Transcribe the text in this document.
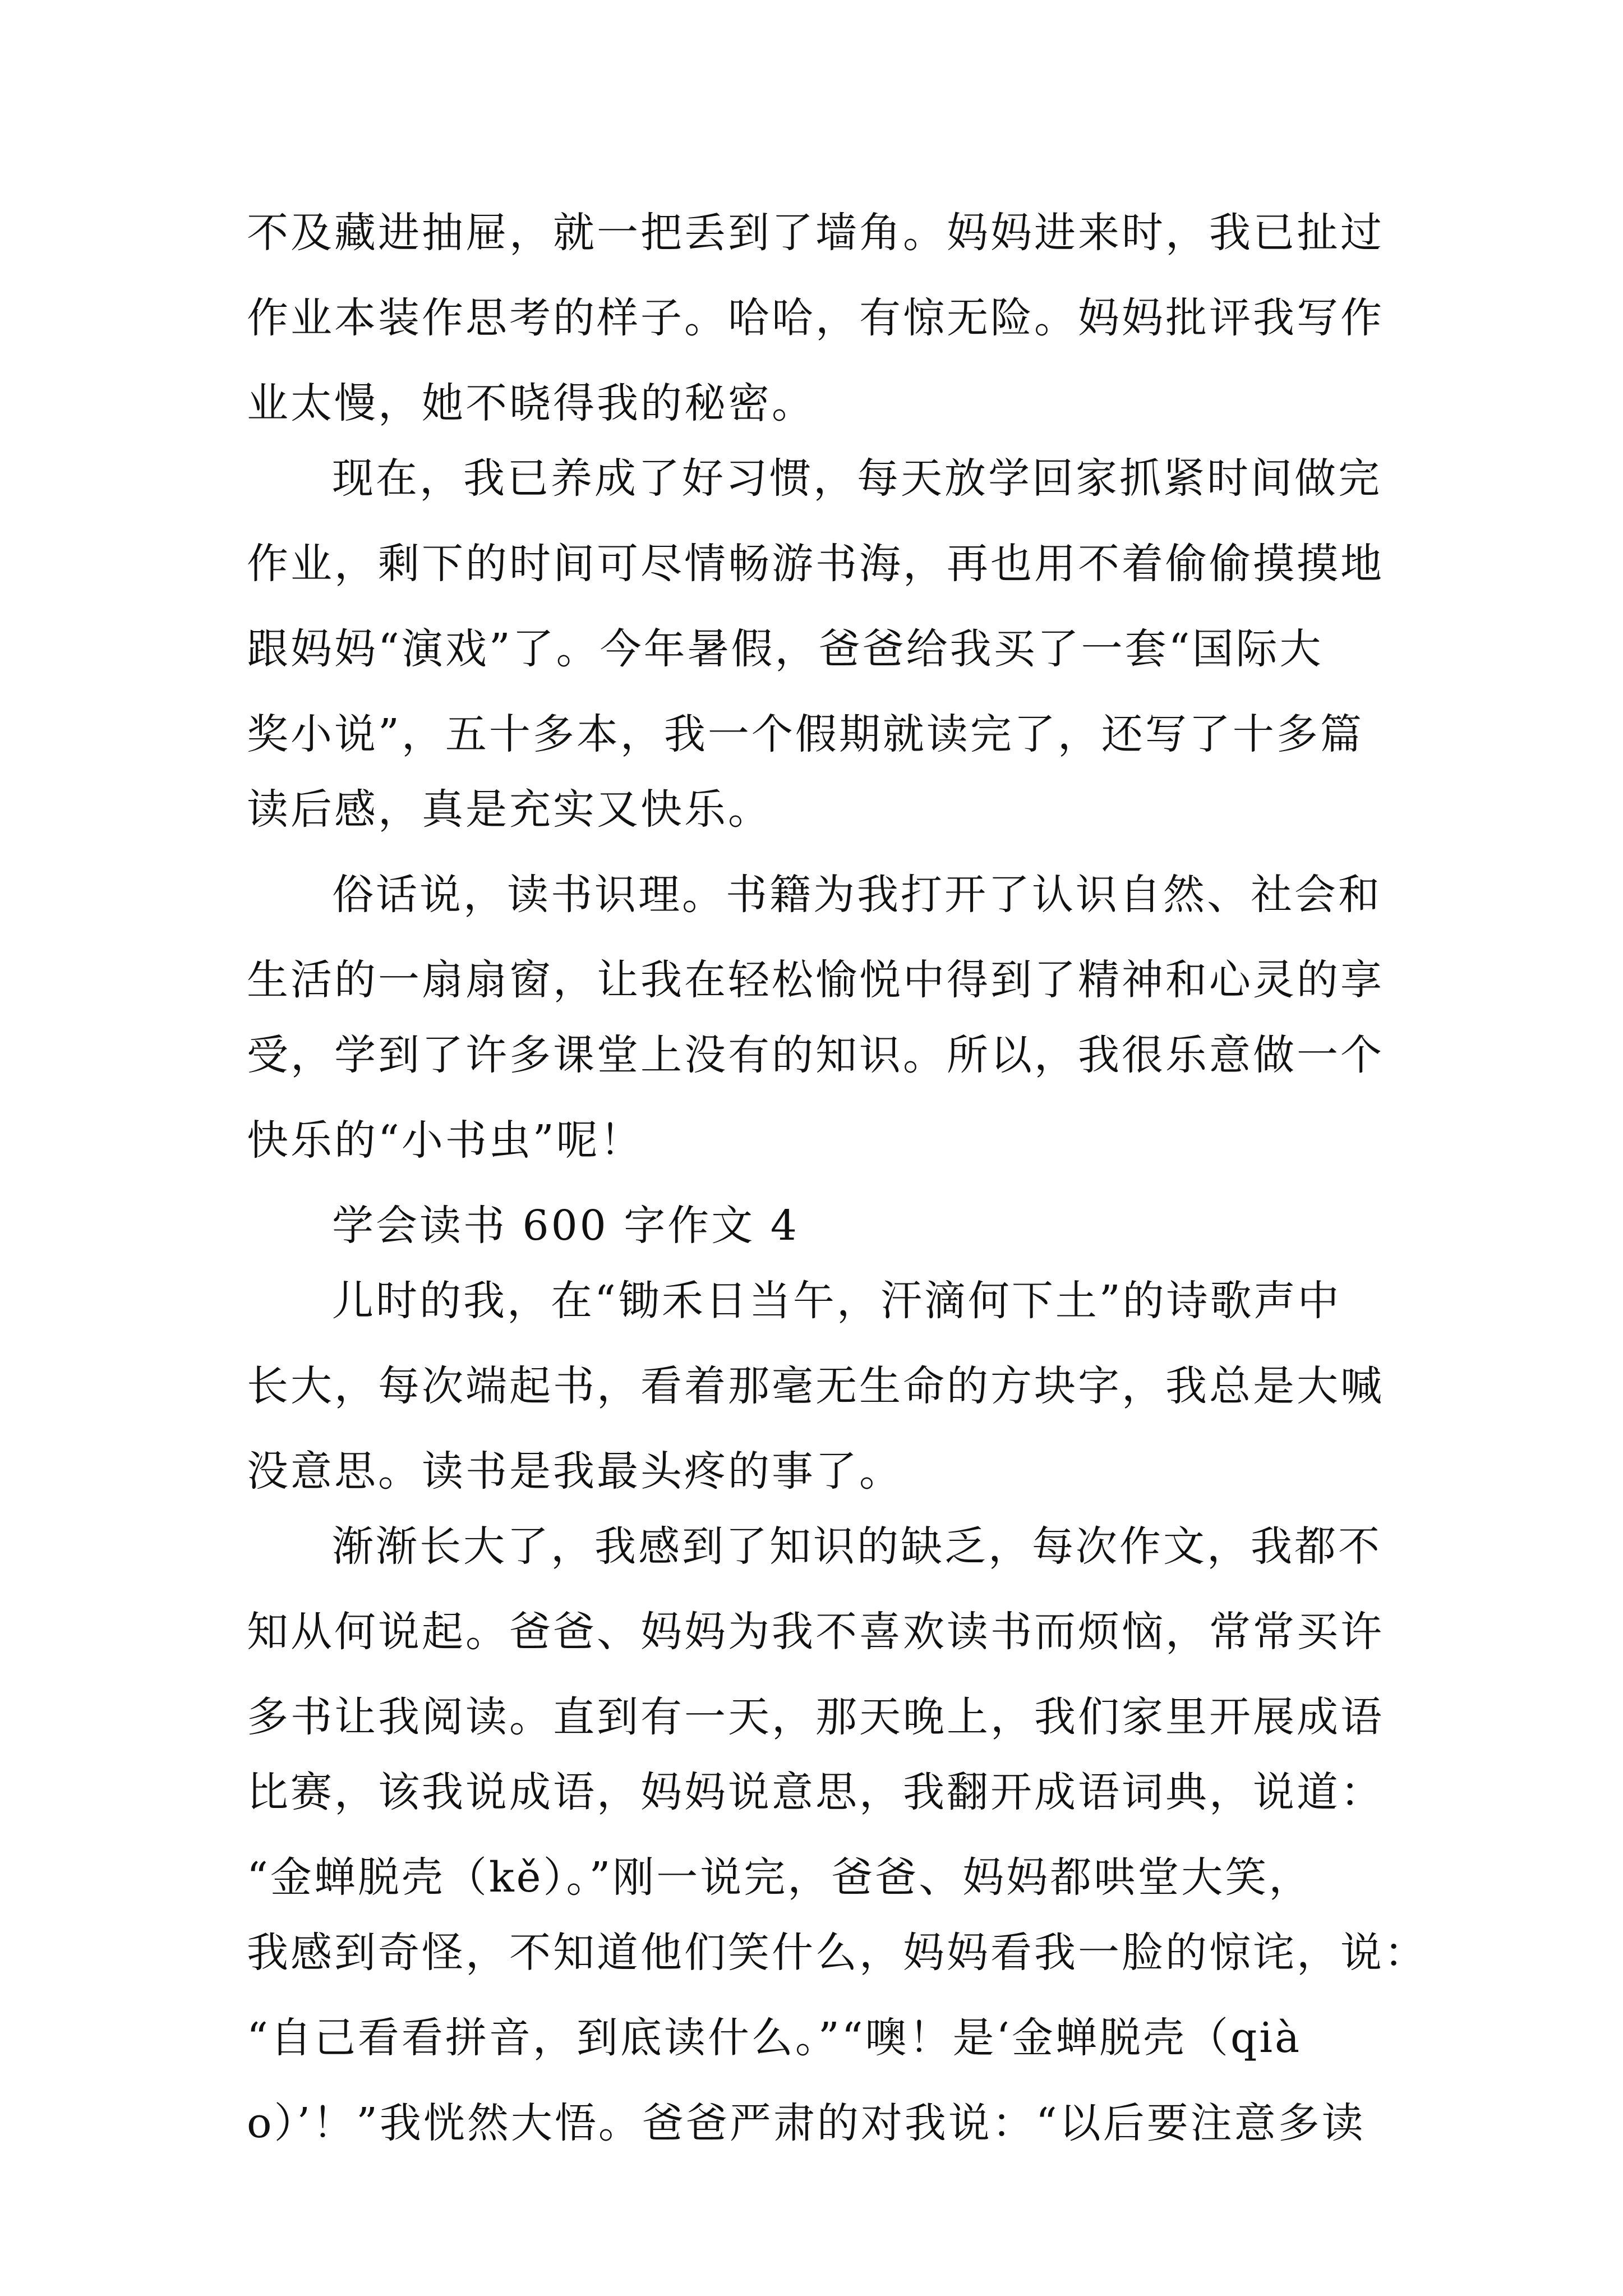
不及藏进抽屉，就一把丢到了墙角。妈妈进来时，我已扯过
作业本装作思考的样子。哈哈，有惊无险。妈妈批评我写作
业太慢，她不晓得我的秘密。
现在，我已养成了好习惯，每天放学回家抓紧时间做完
作业，剩下的时间可尽情畅游书海，再也用不着偷偷摸摸地
跟妈妈“演戏”了。今年暑假，爸爸给我买了一套“国际大
奖小说”，五十多本，我一个假期就读完了，还写了十多篇
读后感，真是充实又快乐。
俗话说，读书识理。书籍为我打开了认识自然、社会和
生活的一扇扇窗，让我在轻松愉悦中得到了精神和心灵的享
受，学到了许多课堂上没有的知识。所以，我很乐意做一个
快乐的“小书虫”呢！
学会读书 600 字作文 4
儿时的我，在“锄禾日当午，汗滴何下土”的诗歌声中
长大，每次端起书，看着那毫无生命的方块字，我总是大喊
没意思。读书是我最头疼的事了。
渐渐长大了，我感到了知识的缺乏，每次作文，我都不
知从何说起。爸爸、妈妈为我不喜欢读书而烦恼，常常买许
多书让我阅读。直到有一天，那天晚上，我们家里开展成语
比赛，该我说成语，妈妈说意思，我翻开成语词典，说道：
“金蝉脱壳（kě）。”刚一说完，爸爸、妈妈都哄堂大笑，
我感到奇怪，不知道他们笑什么，妈妈看我一脸的惊诧，说：
“自己看看拼音，到底读什么。”“噢！是‘金蝉脱壳（qià
o）’！”我恍然大悟。爸爸严肃的对我说：“以后要注意多读
